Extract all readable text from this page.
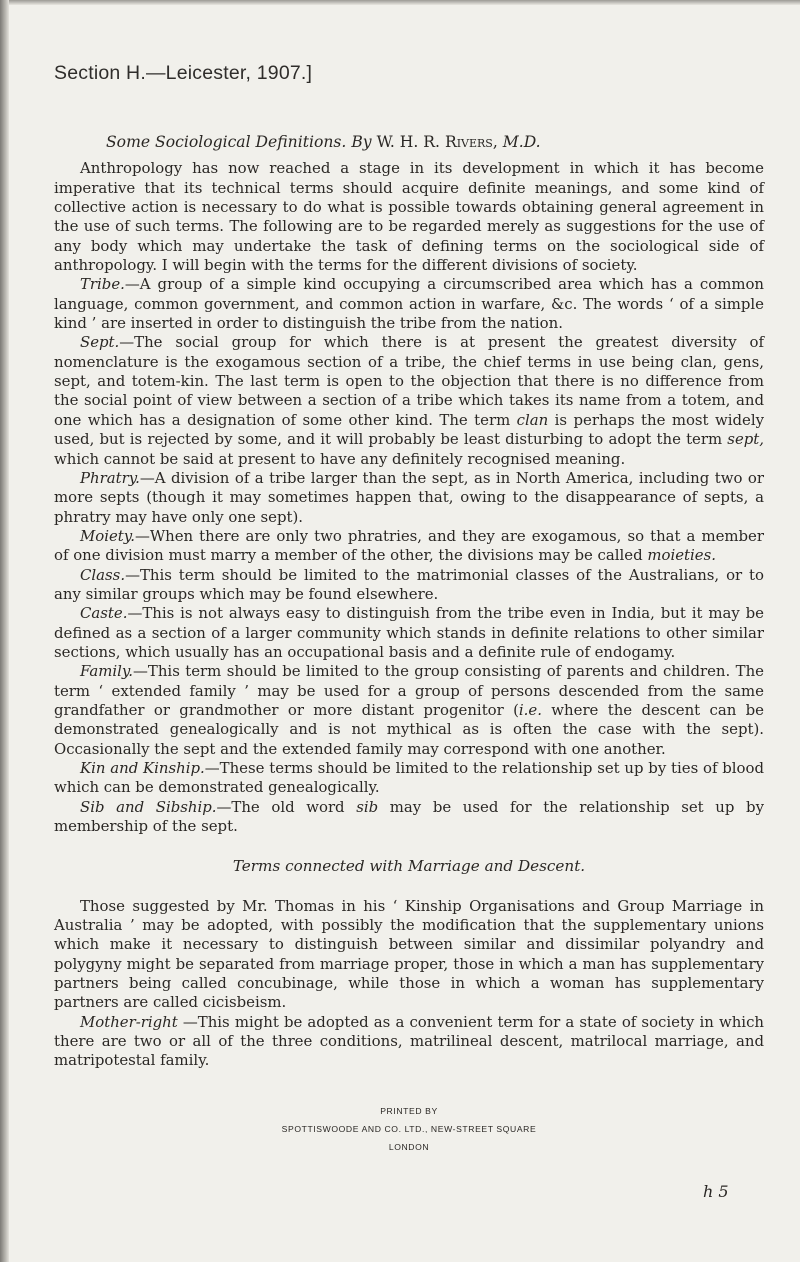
Section H.—Leicester, 1907.]
Some Sociological Definitions. By W. H. R. Rivers, M.D.

Anthropology has now reached a stage in its development in which it has become imperative that its technical terms should acquire definite meanings, and some kind of collective action is necessary to do what is possible towards obtaining general agreement in the use of such terms. The following are to be regarded merely as suggestions for the use of any body which may undertake the task of defining terms on the sociological side of anthropology. I will begin with the terms for the different divisions of society.

Tribe.—A group of a simple kind occupying a circumscribed area which has a common language, common government, and common action in warfare, &c. The words ‘ of a simple kind ’ are inserted in order to distinguish the tribe from the nation.

Sept.—The social group for which there is at present the greatest diversity of nomenclature is the exogamous section of a tribe, the chief terms in use being clan, gens, sept, and totem-kin. The last term is open to the objection that there is no difference from the social point of view between a section of a tribe which takes its name from a totem, and one which has a designation of some other kind. The term clan is perhaps the most widely used, but is rejected by some, and it will probably be least disturbing to adopt the term sept, which cannot be said at present to have any definitely recognised meaning.

Phratry.—A division of a tribe larger than the sept, as in North America, including two or more septs (though it may sometimes happen that, owing to the disappearance of septs, a phratry may have only one sept).

Moiety.—When there are only two phratries, and they are exogamous, so that a member of one division must marry a member of the other, the divisions may be called moieties.

Class.—This term should be limited to the matrimonial classes of the Australians, or to any similar groups which may be found elsewhere.

Caste.—This is not always easy to distinguish from the tribe even in India, but it may be defined as a section of a larger community which stands in definite relations to other similar sections, which usually has an occupational basis and a definite rule of endogamy.

Family.—This term should be limited to the group consisting of parents and children. The term ‘ extended family ’ may be used for a group of persons descended from the same grandfather or grandmother or more distant progenitor (i.e. where the descent can be demonstrated genealogically and is not mythical as is often the case with the sept). Occasionally the sept and the extended family may correspond with one another.

Kin and Kinship.—These terms should be limited to the relationship set up by ties of blood which can be demonstrated genealogically.

Sib and Sibship.—The old word sib may be used for the relationship set up by membership of the sept.

Terms connected with Marriage and Descent.

Those suggested by Mr. Thomas in his ‘ Kinship Organisations and Group Marriage in Australia ’ may be adopted, with possibly the modification that the supplementary unions which make it necessary to distinguish between similar and dissimilar polyandry and polygyny might be separated from marriage proper, those in which a man has supplementary partners being called concubinage, while those in which a woman has supplementary partners are called cicisbeism.

Mother-right —This might be adopted as a convenient term for a state of society in which there are two or all of the three conditions, matrilineal descent, matrilocal marriage, and matripotestal family.

PRINTED BY
SPOTTISWOODE AND CO. LTD., NEW-STREET SQUARE
LONDON
h 5
